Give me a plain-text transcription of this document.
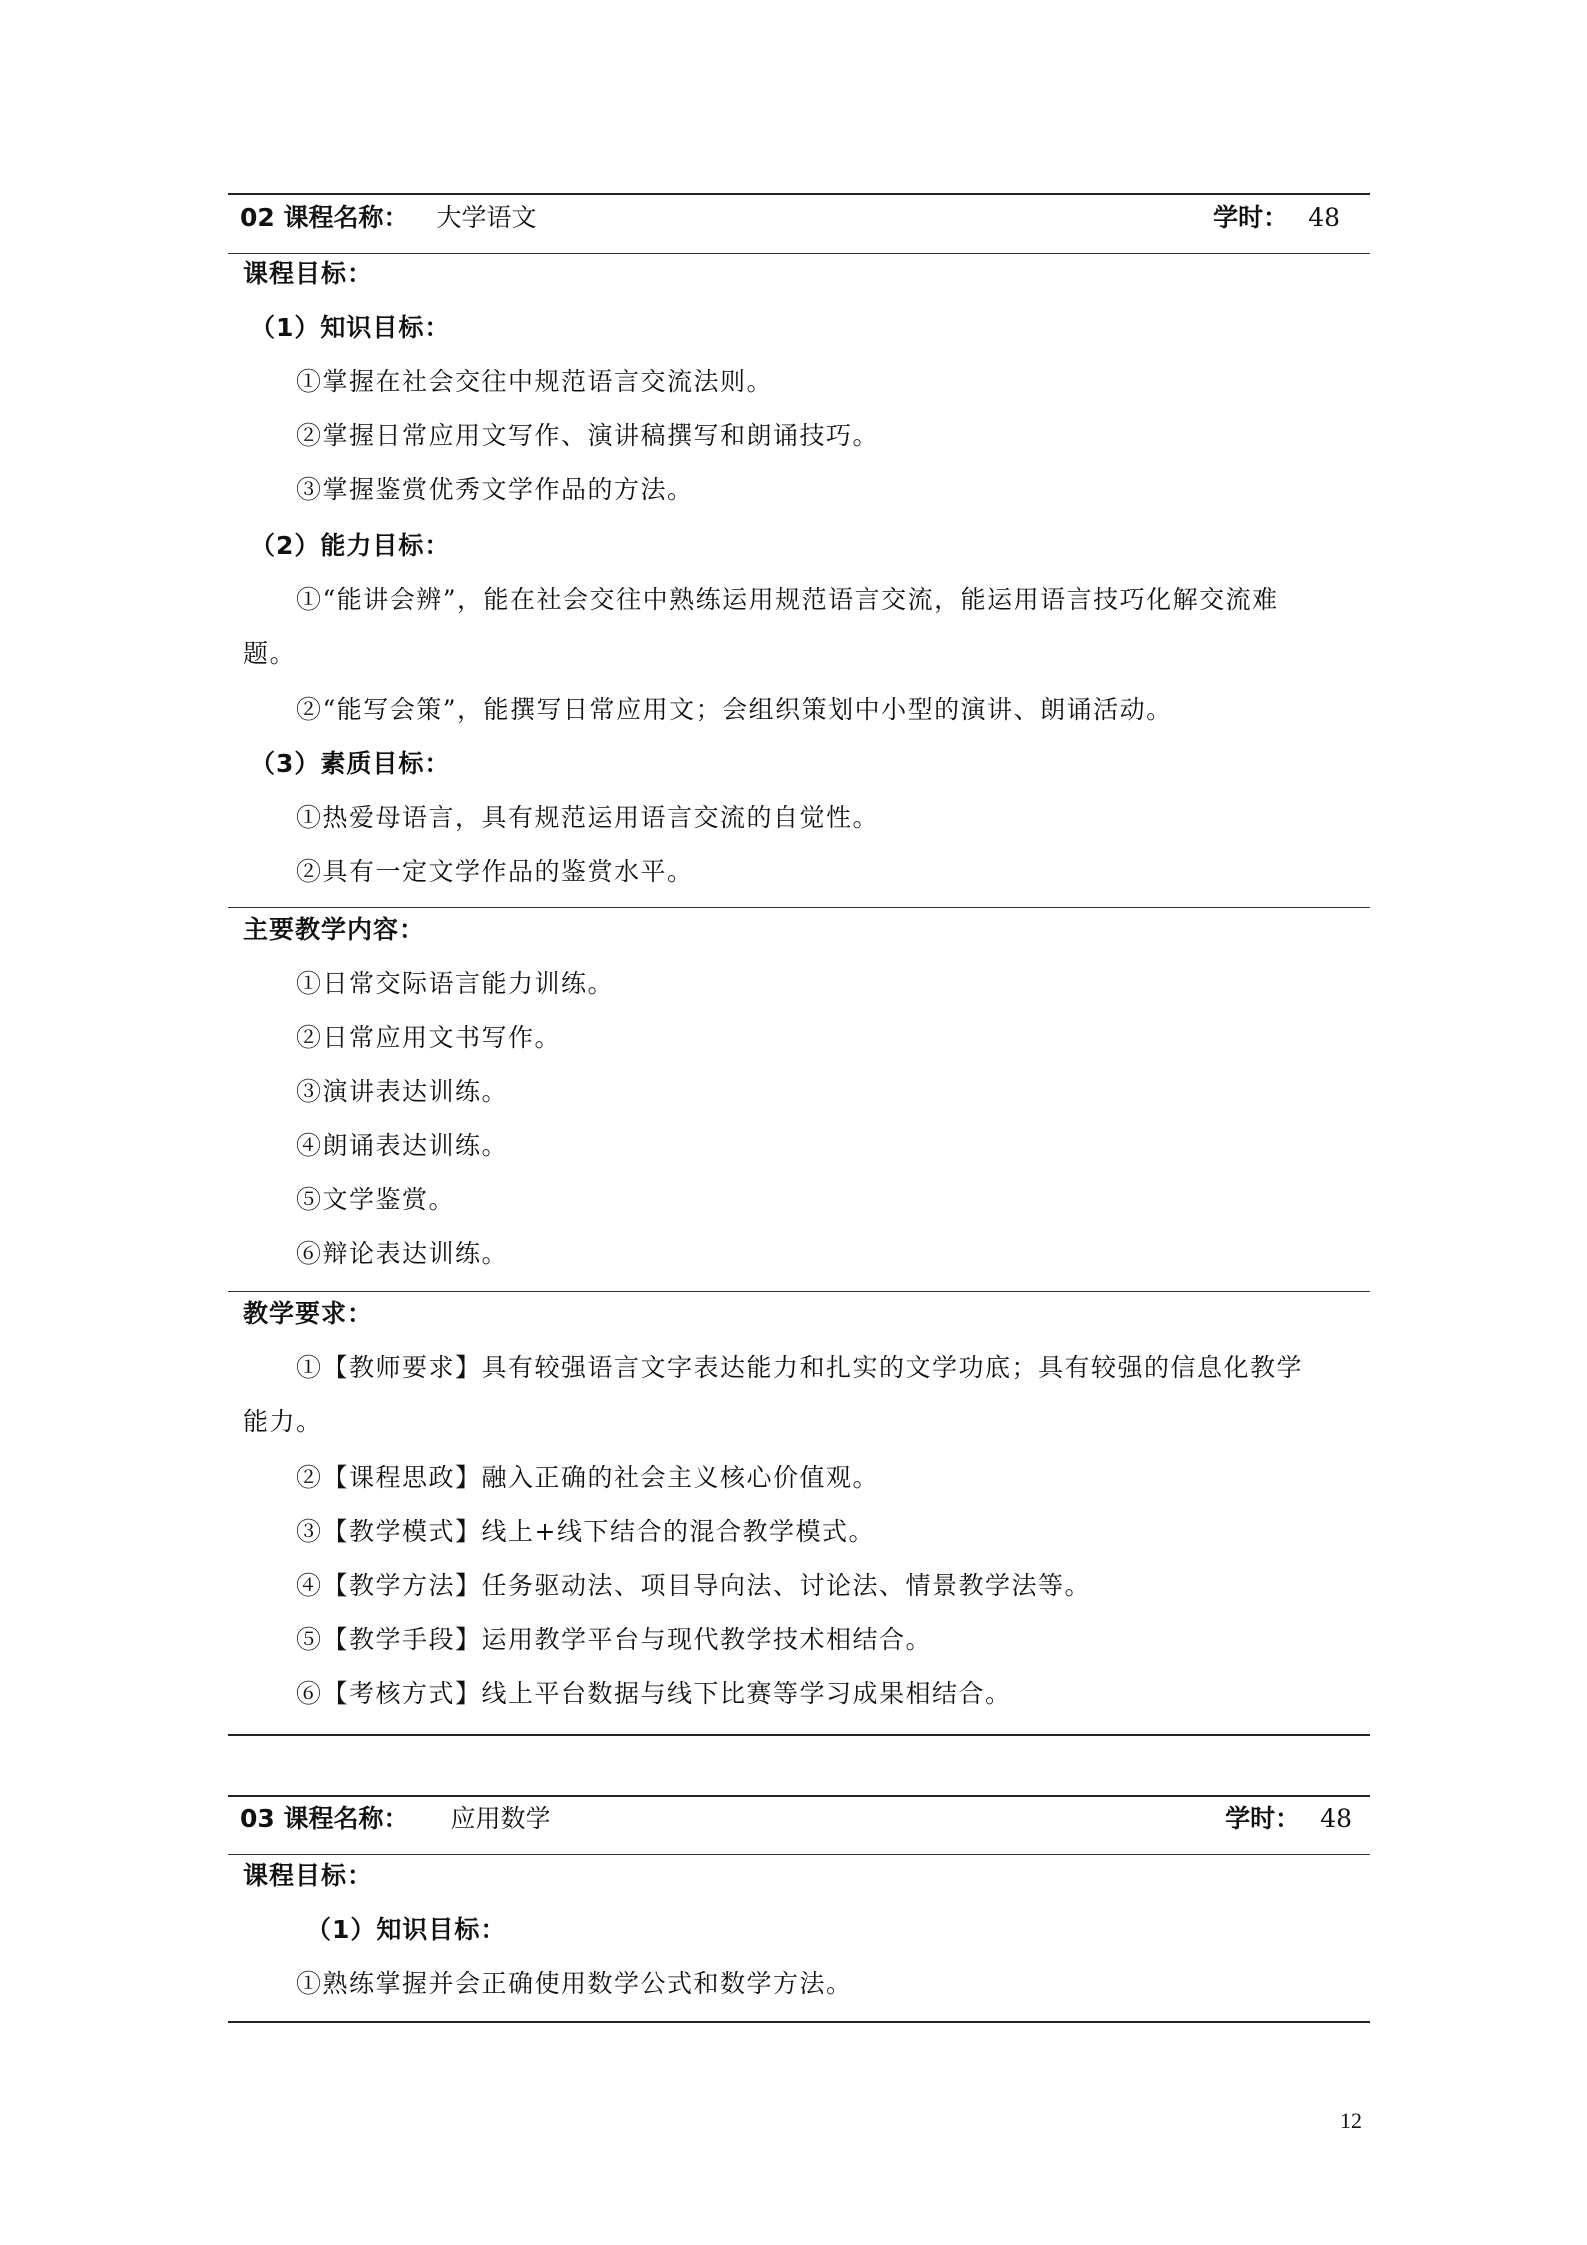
02 课程名称： 大学语文	学时： 48
课程目标：
（1）知识目标：
①掌握在社会交往中规范语言交流法则。
②掌握日常应用文写作、演讲稿撰写和朗诵技巧。
③掌握鉴赏优秀文学作品的方法。
（2）能力目标：
①“能讲会辨”，能在社会交往中熟练运用规范语言交流，能运用语言技巧化解交流难
题。
②“能写会策”，能撰写日常应用文；会组织策划中小型的演讲、朗诵活动。
（3）素质目标：
①热爱母语言，具有规范运用语言交流的自觉性。
②具有一定文学作品的鉴赏水平。
主要教学内容：
①日常交际语言能力训练。
②日常应用文书写作。
③演讲表达训练。
④朗诵表达训练。
⑤文学鉴赏。
⑥辩论表达训练。
教学要求：
①【教师要求】具有较强语言文字表达能力和扎实的文学功底；具有较强的信息化教学
能力。
②【课程思政】融入正确的社会主义核心价值观。
③【教学模式】线上+线下结合的混合教学模式。
④【教学方法】任务驱动法、项目导向法、讨论法、情景教学法等。
⑤【教学手段】运用教学平台与现代教学技术相结合。
⑥【考核方式】线上平台数据与线下比赛等学习成果相结合。
03 课程名称： 应用数学	学时： 48
课程目标：
（1）知识目标：
①熟练掌握并会正确使用数学公式和数学方法。
12
